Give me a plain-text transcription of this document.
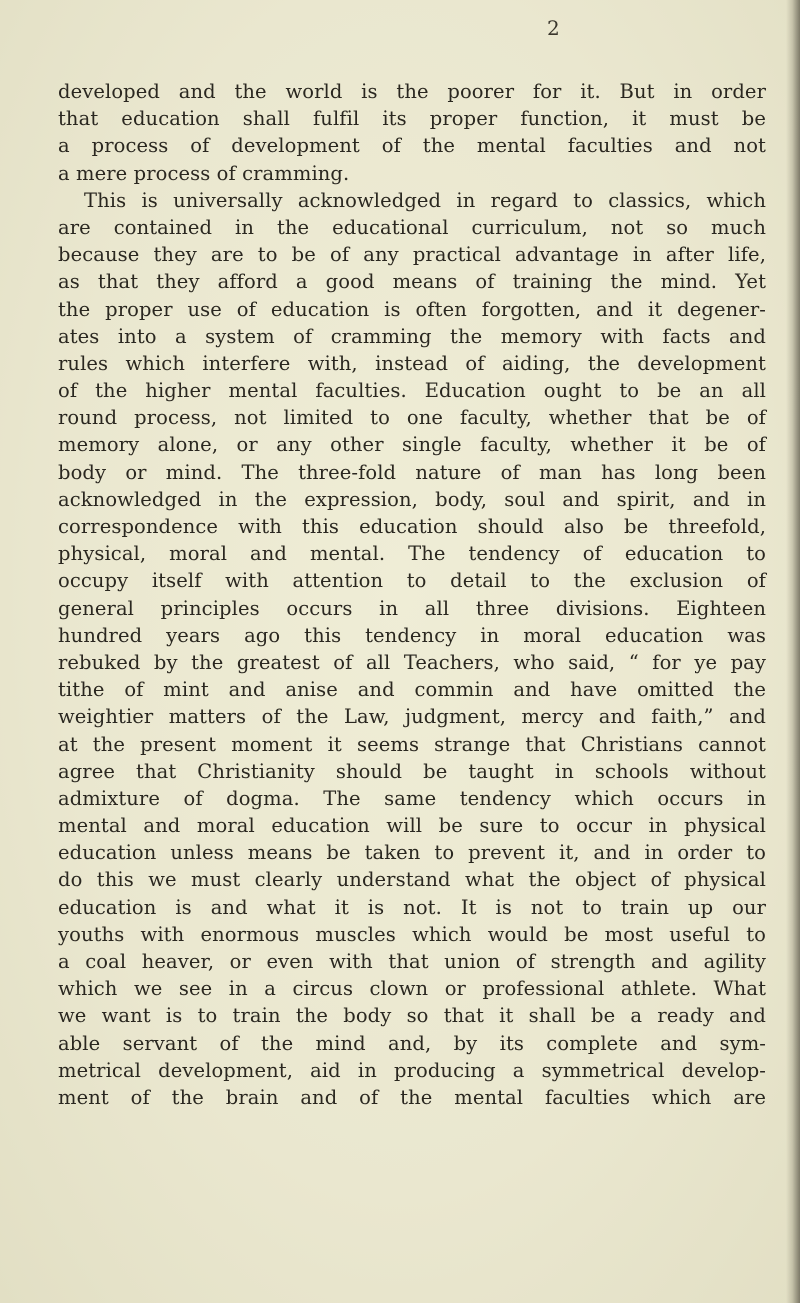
2
developed and the world is the poorer for it. But in order
that education shall fulfil its proper function, it must be
a process of development of the mental faculties and not
a mere process of cramming.
This is universally acknowledged in regard to classics, which
are contained in the educational curriculum, not so much
because they are to be of any practical advantage in after life,
as that they afford a good means of training the mind. Yet
the proper use of education is often forgotten, and it degener-
ates into a system of cramming the memory with facts and
rules which interfere with, instead of aiding, the development
of the higher mental faculties. Education ought to be an all
round process, not limited to one faculty, whether that be of
memory alone, or any other single faculty, whether it be of
body or mind. The three-fold nature of man has long been
acknowledged in the expression, body, soul and spirit, and in
correspondence with this education should also be threefold,
physical, moral and mental. The tendency of education to
occupy itself with attention to detail to the exclusion of
general principles occurs in all three divisions. Eighteen
hundred years ago this tendency in moral education was
rebuked by the greatest of all Teachers, who said, “ for ye pay
tithe of mint and anise and commin and have omitted the
weightier matters of the Law, judgment, mercy and faith,” and
at the present moment it seems strange that Christians cannot
agree that Christianity should be taught in schools without
admixture of dogma. The same tendency which occurs in
mental and moral education will be sure to occur in physical
education unless means be taken to prevent it, and in order to
do this we must clearly understand what the object of physical
education is and what it is not. It is not to train up our
youths with enormous muscles which would be most useful to
a coal heaver, or even with that union of strength and agility
which we see in a circus clown or professional athlete. What
we want is to train the body so that it shall be a ready and
able servant of the mind and, by its complete and sym-
metrical development, aid in producing a symmetrical develop-
ment of the brain and of the mental faculties which are
